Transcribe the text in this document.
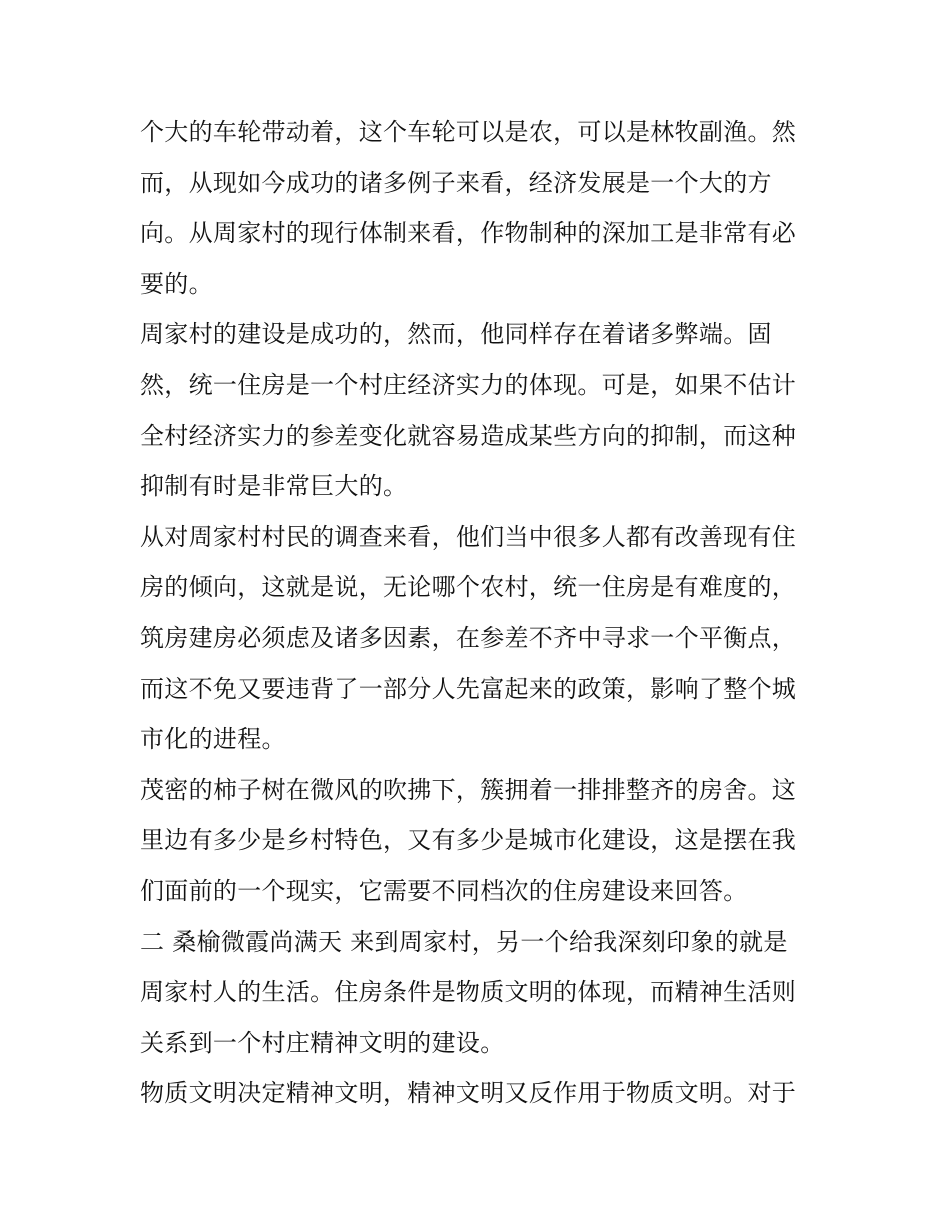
个大的车轮带动着，这个车轮可以是农，可以是林牧副渔。然
而，从现如今成功的诸多例子来看，经济发展是一个大的方
向。从周家村的现行体制来看，作物制种的深加工是非常有必
要的。
周家村的建设是成功的，然而，他同样存在着诸多弊端。固
然，统一住房是一个村庄经济实力的体现。可是，如果不估计
全村经济实力的参差变化就容易造成某些方向的抑制，而这种
抑制有时是非常巨大的。
从对周家村村民的调查来看，他们当中很多人都有改善现有住
房的倾向，这就是说，无论哪个农村，统一住房是有难度的，
筑房建房必须虑及诸多因素，在参差不齐中寻求一个平衡点，
而这不免又要违背了一部分人先富起来的政策，影响了整个城
市化的进程。
茂密的柿子树在微风的吹拂下，簇拥着一排排整齐的房舍。这
里边有多少是乡村特色，又有多少是城市化建设，这是摆在我
们面前的一个现实，它需要不同档次的住房建设来回答。
二 桑榆微霞尚满天 来到周家村，另一个给我深刻印象的就是
周家村人的生活。住房条件是物质文明的体现，而精神生活则
关系到一个村庄精神文明的建设。
物质文明决定精神文明，精神文明又反作用于物质文明。对于
